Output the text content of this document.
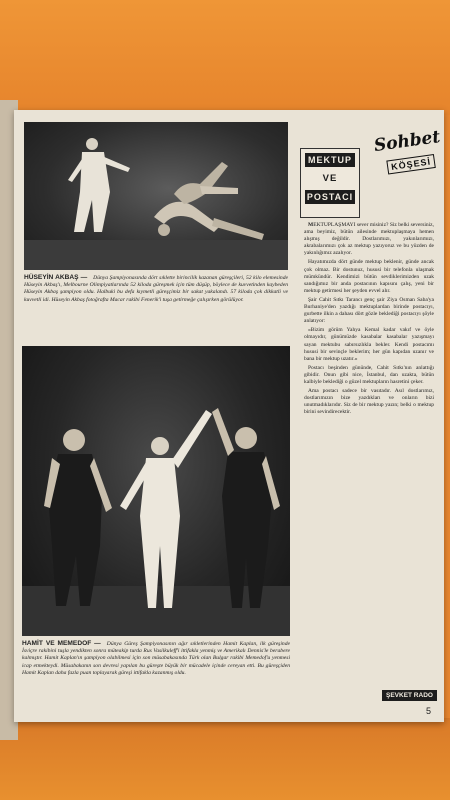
HÜSEYİN AKBAŞ — Dünya Şampiyonasında dört sıklette birincilik kazanan güreşçileri, 52 kilo elemesinde Hüseyin Akbaş'ı, Melbourne Olimpiyatlarında 52 kiloda güreşmek için tüm düşüp, böylece de kuvvetinden kaybeden Hüseyin Akbaş şampiyon oldu. Halbuki bu defa kıymetli güreşçimiz bir sakat yakalandı. 57 kiloda çok dikkatli ve kuvvetli idi. Hüseyin Akbaş fotoğrafta Macar rakibi Fenerik'i tuşa getirmeğe çalışırken görülüyor.
HAMİT VE MEMEDOF — Dünya Güreş Şampiyonasının ağır sıkletlerinden Hamit Kaplan, ilk güreşinde İsviçre rakibini tuşla yendikten sonra müteakip turda Rus Vasilkuleff'i ittifakla yenmiş ve Amerikalı Dennis'le berabere kalmıştır. Hamit Kaplan'ın şampiyon olabilmesi için son müsabakasında Türk olan Bulgar rakibi Memedof'u yenmesi icap etmekteydi. Müsabakanın son devresi yapılan bu güreşte büyük bir mücadele içinde cereyan etti. Bu güreşçiden Hamit Kaplan daha fazla puan toplayarak güreşi ittifakla kazanmış oldu.
MEKTUP
VE
POSTACI
Sohbet
KÖŞESİ

MEKTUPLAŞMAYI sever misiniz? Siz belki seversiniz, ama beyimiz, bütün ailesinde mektuplaşmaya hemen alışmış değildir. Dostlarımızı, yakınlarımızı, akrabalarımızı çok az mektup yazıyoruz ve bu yüzden de yakınlığımız azalıyor.

Hayatımızda dört günde mektup beklenir, günde ancak çok olmaz. Bir dostunuz, hususi bir telefonla ulaşmak mümkündür. Kendimizi bütün sevdiklerimizden uzak sandığımız bir anda postacının kapısını çalış, yeni bir mektup getirmesi her şeyden evvel alır.

Şair Cahit Sıtkı Tarancı genç şair Ziya Osman Saba'ya Burhaniye'den yazdığı mektuplardan birinde postacıyı, gurbette ilkin a dahası dört gözle beklediği postacıyı şöyle anlatıyor:

«Bizim görüm Yahya Kemal kadar vakıf ve öyle olmayıdır, günümüzde kasabalar kasabalar yazışmayı sayan mektubu sabırsızlıkla bekler. Kendi postacımı hususi bir sevinçle beklerim; her gün kapıdan uzanır ve bana bir mektup uzatır.»

Postacı beşinden gününde, Cahit Sıtkı'nın anlattığı gibidir. Onun gibi nice, İstanbul, dan uzakta, bütün kalbiyle beklediği o güzel mektupların hasretini çeker.

Ama postacı sadece bir vasıtadır. Asıl dostlarımız, dostlarımızın bize yazdıkları ve onların bizi unutmadıklarıdır. Siz de bir mektup yazın; belki o mektup birini sevindirecektir.

ŞEVKET RADO
5
